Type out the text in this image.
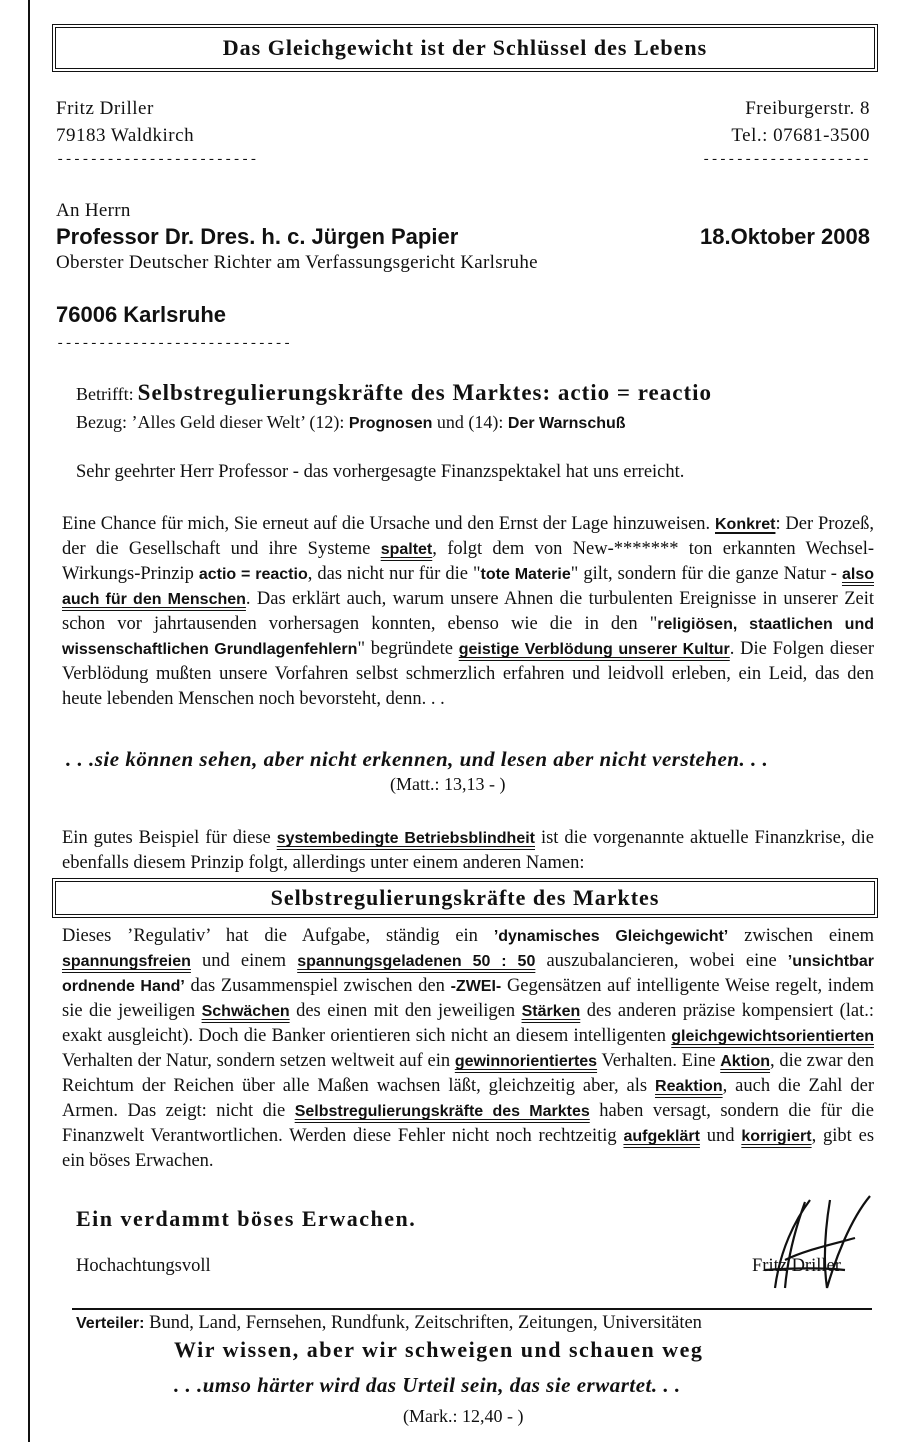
Das Gleichgewicht ist der Schlüssel des Lebens
Fritz Driller
79183 Waldkirch
------------------------
Freiburgerstr. 8
Tel.: 07681-3500
--------------------
An Herrn
Professor Dr. Dres. h. c. Jürgen Papier	18.Oktober 2008
Oberster Deutscher Richter am Verfassungsgericht Karlsruhe
76006 Karlsruhe
----------------------------
Betrifft: Selbstregulierungskräfte des Marktes: actio = reactio
Bezug: ’Alles Geld dieser Welt’ (12): Prognosen und (14): Der Warnschuß
Sehr geehrter Herr Professor - das vorhergesagte Finanzspektakel hat uns erreicht.

Eine Chance für mich, Sie erneut auf die Ursache und den Ernst der Lage hinzuweisen. Konkret: Der Prozeß, der die Gesellschaft und ihre Systeme spaltet, folgt dem von New-******* ton erkannten Wechsel-Wirkungs-Prinzip actio = reactio, das nicht nur für die "tote Materie" gilt, sondern für die ganze Natur - also auch für den Menschen. Das erklärt auch, warum unsere Ahnen die turbulenten Ereignisse in unserer Zeit schon vor jahrtausenden vorhersagen konnten, ebenso wie die in den "religiösen, staatlichen und wissenschaftlichen Grundlagenfehlern" begründete geistige Verblödung unserer Kultur. Die Folgen dieser Verblödung mußten unsere Vorfahren selbst schmerzlich erfahren und leidvoll erleben, ein Leid, das den heute lebenden Menschen noch bevorsteht, denn. . .

. . .sie können sehen, aber nicht erkennen, und lesen aber nicht verstehen. . .
(Matt.: 13,13 - )

Ein gutes Beispiel für diese systembedingte Betriebsblindheit ist die vorgenannte aktuelle Finanzkrise, die ebenfalls diesem Prinzip folgt, allerdings unter einem anderen Namen:

Selbstregulierungskräfte des Marktes

Dieses ’Regulativ’ hat die Aufgabe, ständig ein ’dynamisches Gleichgewicht’ zwischen einem spannungsfreien und einem spannungsgeladenen 50 : 50 auszubalancieren, wobei eine ’unsichtbar ordnende Hand’ das Zusammenspiel zwischen den -ZWEI- Gegensätzen auf intelligente Weise regelt, indem sie die jeweiligen Schwächen des einen mit den jeweiligen Stärken des anderen präzise kompensiert (lat.: exakt ausgleicht). Doch die Banker orientieren sich nicht an diesem intelligenten gleichgewichtsorientierten Verhalten der Natur, sondern setzen weltweit auf ein gewinnorientiertes Verhalten. Eine Aktion, die zwar den Reichtum der Reichen über alle Maßen wachsen läßt, gleichzeitig aber, als Reaktion, auch die Zahl der Armen. Das zeigt: nicht die Selbstregulierungskräfte des Marktes haben versagt, sondern die für die Finanzwelt Verantwortlichen. Werden diese Fehler nicht noch rechtzeitig aufgeklärt und korrigiert, gibt es ein böses Erwachen.

Ein verdammt böses Erwachen.
Hochachtungsvoll	Fritz Driller
Verteiler: Bund, Land, Fernsehen, Rundfunk, Zeitschriften, Zeitungen, Universitäten
Wir wissen, aber wir schweigen und schauen weg
. . .umso härter wird das Urteil sein, das sie erwartet. . .
(Mark.: 12,40 - )
